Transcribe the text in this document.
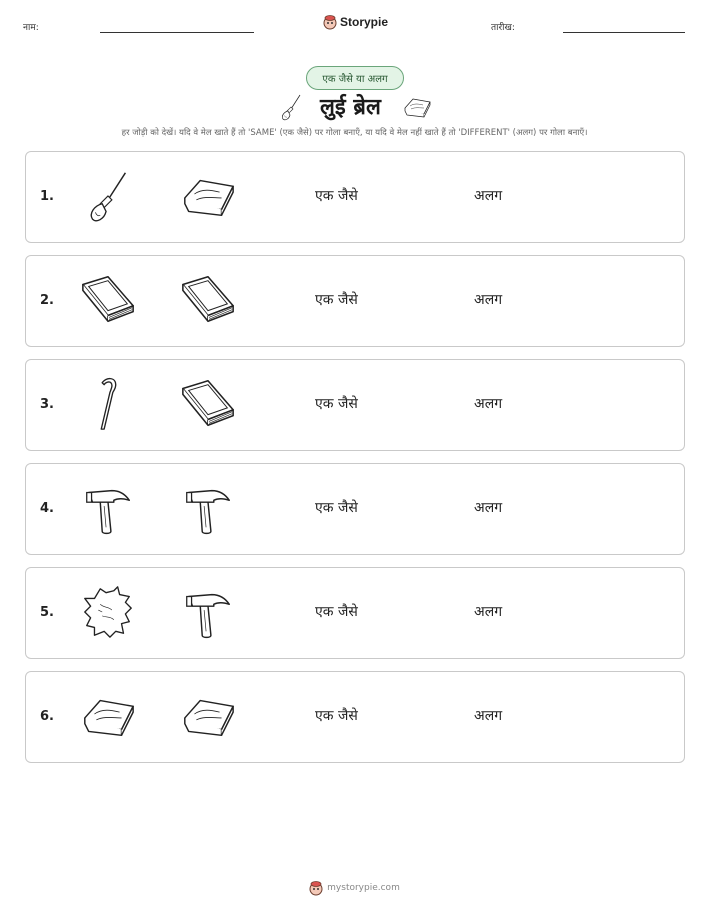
नाम:	Storypie	तारीख:
एक जैसे या अलग
लुई ब्रेल
हर जोड़ी को देखें। यदि वे मेल खाते हैं तो 'SAME' (एक जैसे) पर गोला बनाएँ, या यदि वे मेल नहीं खाते हैं तो 'DIFFERENT' (अलग) पर गोला बनाएँ।
1.	एक जैसे	अलग
2.	एक जैसे	अलग
3.	एक जैसे	अलग
4.	एक जैसे	अलग
5.	एक जैसे	अलग
6.	एक जैसे	अलग
mystorypie.com
